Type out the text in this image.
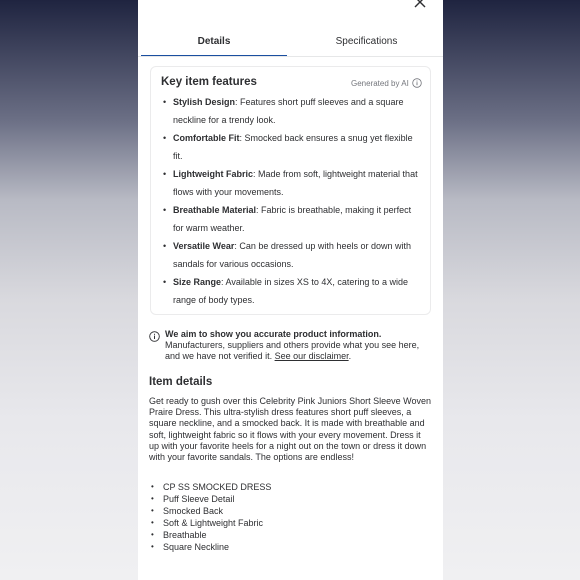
Details	Specifications
Key item features	Generated by AI
• Stylish Design: Features short puff sleeves and a square neckline for a trendy look.
• Comfortable Fit: Smocked back ensures a snug yet flexible fit.
• Lightweight Fabric: Made from soft, lightweight material that flows with your movements.
• Breathable Material: Fabric is breathable, making it perfect for warm weather.
• Versatile Wear: Can be dressed up with heels or down with sandals for various occasions.
• Size Range: Available in sizes XS to 4X, catering to a wide range of body types.
We aim to show you accurate product information.
Manufacturers, suppliers and others provide what you see here, and we have not verified it. See our disclaimer.
Item details
Get ready to gush over this Celebrity Pink Juniors Short Sleeve Woven Praire Dress. This ultra-stylish dress features short puff sleeves, a square neckline, and a smocked back. It is made with breathable and soft, lightweight fabric so it flows with your every movement. Dress it up with your favorite heels for a night out on the town or dress it down with your favorite sandals. The options are endless!
• CP SS SMOCKED DRESS
• Puff Sleeve Detail
• Smocked Back
• Soft & Lightweight Fabric
• Breathable
• Square Neckline
